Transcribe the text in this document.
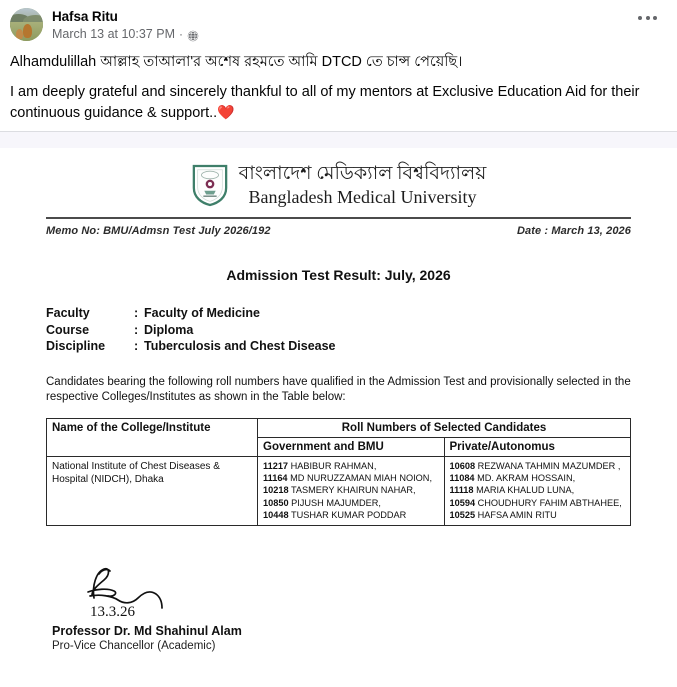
Hafsa Ritu
March 13 at 10:37 PM ·

Alhamdulillah আল্লাহ তাআলা'র অশেষ রহমতে আমি DTCD তে চান্স পেয়েছি।

I am deeply grateful and sincerely thankful to all of my mentors at Exclusive Education Aid for their continuous guidance & support..❤️

বাংলাদেশ মেডিক্যাল বিশ্ববিদ্যালয়
Bangladesh Medical University
Memo No: BMU/Admsn Test July 2026/192	Date : March 13, 2026
Admission Test Result: July, 2026
Faculty	: Faculty of Medicine
Course	: Diploma
Discipline	: Tuberculosis and Chest Disease
Candidates bearing the following roll numbers have qualified in the Admission Test and provisionally selected in the respective Colleges/Institutes as shown in the Table below:
Name of the College/Institute	Roll Numbers of Selected Candidates	
	Government and BMU	Private/Autonomus
National Institute of Chest Diseases & Hospital (NIDCH), Dhaka	
11217 HABIBUR RAHMAN,
11164 MD NURUZZAMAN MIAH NOION,
10218 TASMERY KHAIRUN NAHAR,
10850 PIJUSH MAJUMDER,
10448 TUSHAR KUMAR PODDAR

10608 REZWANA TAHMIN MAZUMDER ,
11084 MD. AKRAM HOSSAIN,
11118 MARIA KHALUD LUNA,
10594 CHOUDHURY FAHIM ABTHAHEE,
10525 HAFSA AMIN RITU
13.3.26
Professor Dr. Md Shahinul Alam
Pro-Vice Chancellor (Academic)
